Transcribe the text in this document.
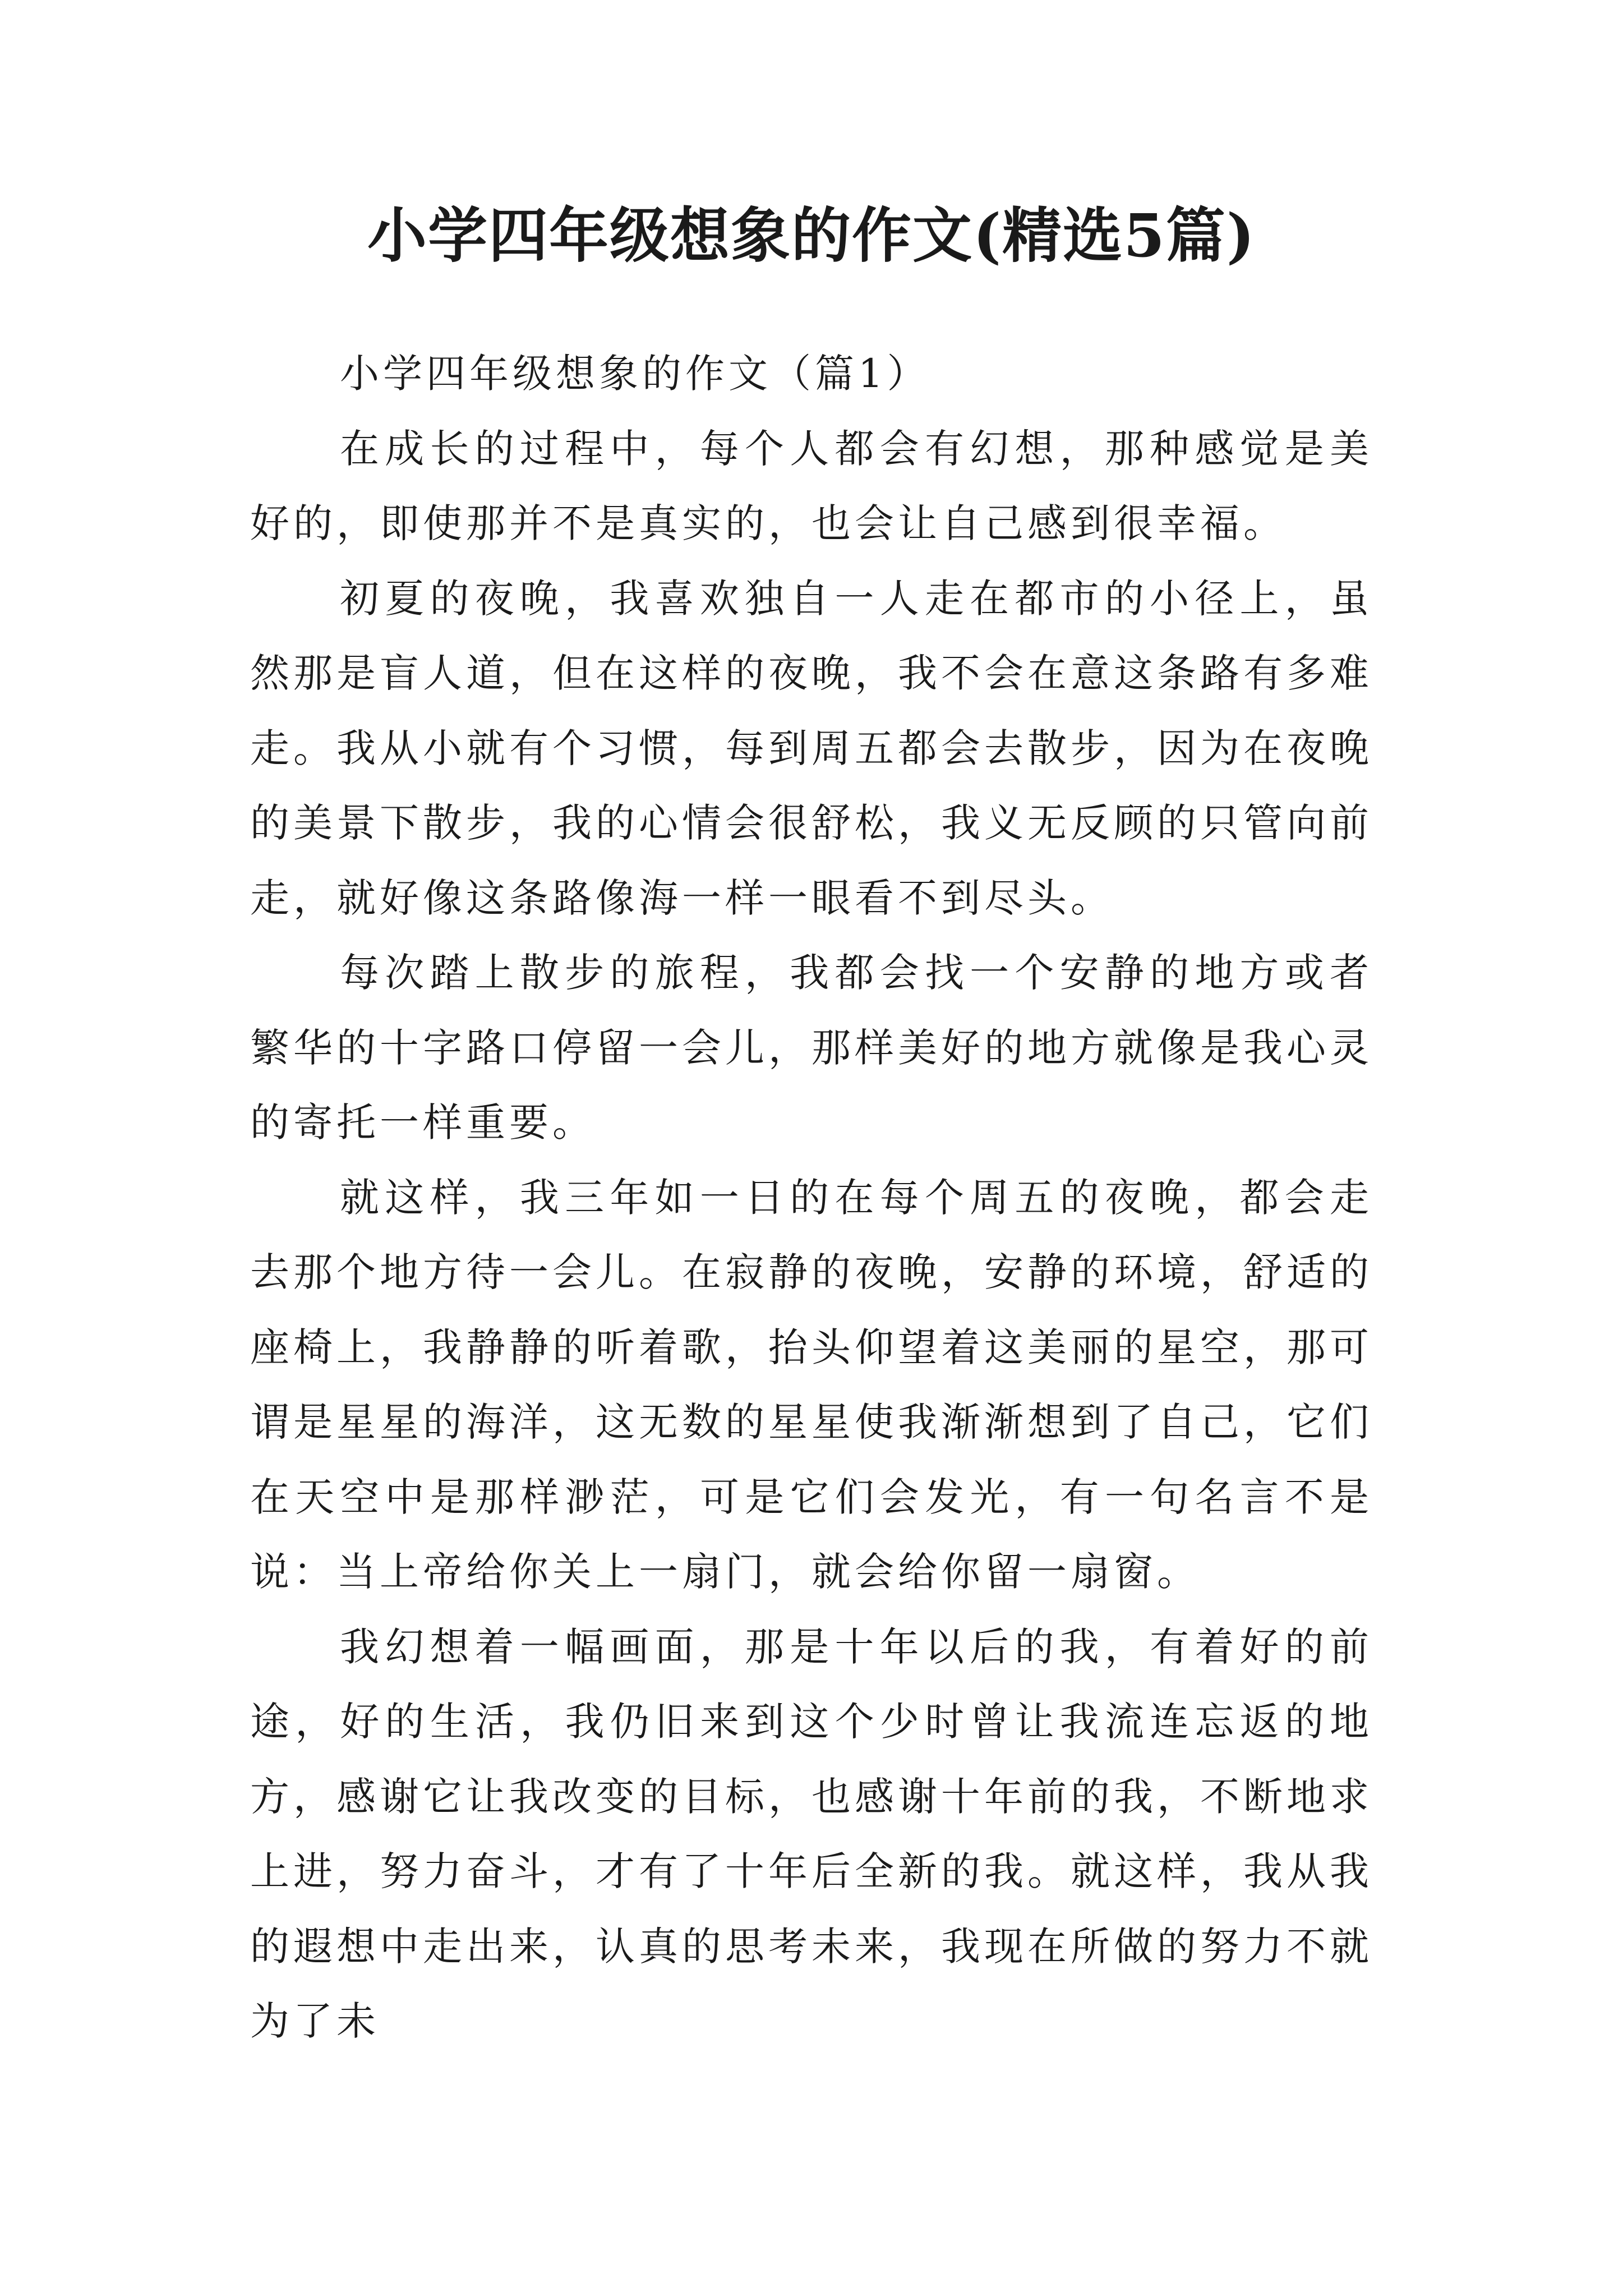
小学四年级想象的作文(精选5篇)

小学四年级想象的作文（篇1）

在成长的过程中，每个人都会有幻想，那种感觉是美好的，即使那并不是真实的，也会让自己感到很幸福。

初夏的夜晚，我喜欢独自一人走在都市的小径上，虽然那是盲人道，但在这样的夜晚，我不会在意这条路有多难走。我从小就有个习惯，每到周五都会去散步，因为在夜晚的美景下散步，我的心情会很舒松，我义无反顾的只管向前走，就好像这条路像海一样一眼看不到尽头。

每次踏上散步的旅程，我都会找一个安静的地方或者繁华的十字路口停留一会儿，那样美好的地方就像是我心灵的寄托一样重要。

就这样，我三年如一日的在每个周五的夜晚，都会走去那个地方待一会儿。在寂静的夜晚，安静的环境，舒适的座椅上，我静静的听着歌，抬头仰望着这美丽的星空，那可谓是星星的海洋，这无数的星星使我渐渐想到了自己，它们在天空中是那样渺茫，可是它们会发光，有一句名言不是说：当上帝给你关上一扇门，就会给你留一扇窗。

我幻想着一幅画面，那是十年以后的我，有着好的前途，好的生活，我仍旧来到这个少时曾让我流连忘返的地方，感谢它让我改变的目标，也感谢十年前的我，不断地求上进，努力奋斗，才有了十年后全新的我。就这样，我从我的遐想中走出来，认真的思考未来，我现在所做的努力不就为了未
